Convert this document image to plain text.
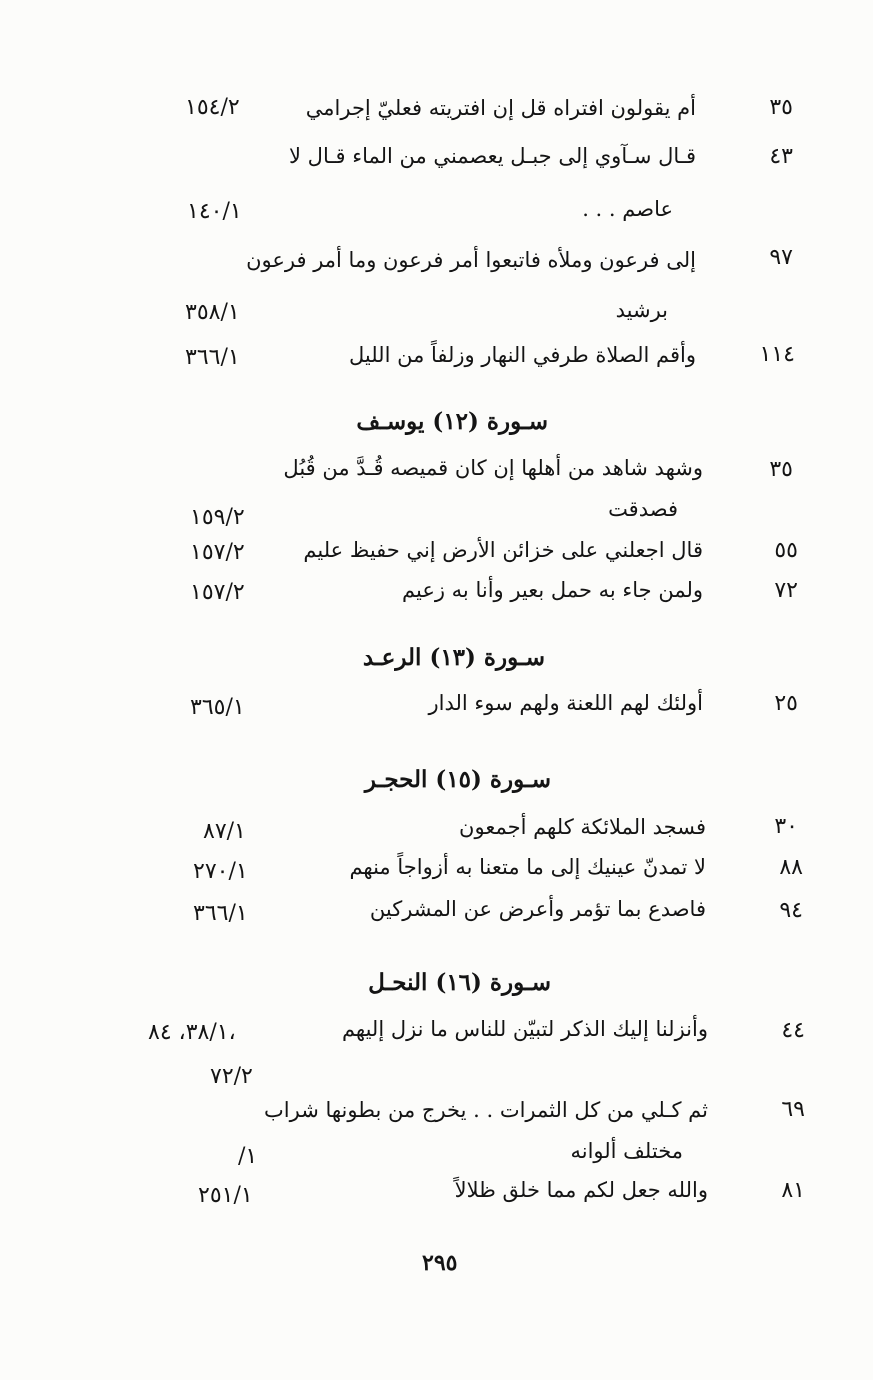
٣٥
أم يقولون افتراه قل إن افتريته فعليّ إجرامي
١٥٤/٢
٤٣
قـال سـآوي إلى جبـل يعصمني من الماء قـال لا
عاصم . . .
١٤٠/١
٩٧
إلى فرعون وملأه فاتبعوا أمر فرعون وما أمر فرعون
برشيد
٣٥٨/١
١١٤
وأقم الصلاة طرفي النهار وزلفاً من الليل
٣٦٦/١
سـورة (١٢) يوسـف
٣٥
وشهد شاهد من أهلها إن كان قميصه قُـدَّ من قُبُل
فصدقت
١٥٩/٢
٥٥
قال اجعلني على خزائن الأرض إني حفيظ عليم
١٥٧/٢
٧٢
ولمن جاء به حمل بعير وأنا به زعيم
١٥٧/٢
سـورة (١٣) الرعـد
٢٥
أولئك لهم اللعنة ولهم سوء الدار
٣٦٥/١
سـورة (١٥) الحجـر
٣٠
فسجد الملائكة كلهم أجمعون
٨٧/١
٨٨
لا تمدنّ عينيك إلى ما متعنا به أزواجاً منهم
٢٧٠/١
٩٤
فاصدع بما تؤمر وأعرض عن المشركين
٣٦٦/١
سـورة (١٦) النحـل
٤٤
وأنزلنا إليك الذكر لتبيّن للناس ما نزل إليهم
٣٨/١، ٨٤،
٧٢/٢
٦٩
ثم كـلي من كل الثمرات . . يخرج من بطونها شراب
مختلف ألوانه
/١
٨١
والله جعل لكم مما خلق ظلالاً
٢٥١/١
٢٩٥
